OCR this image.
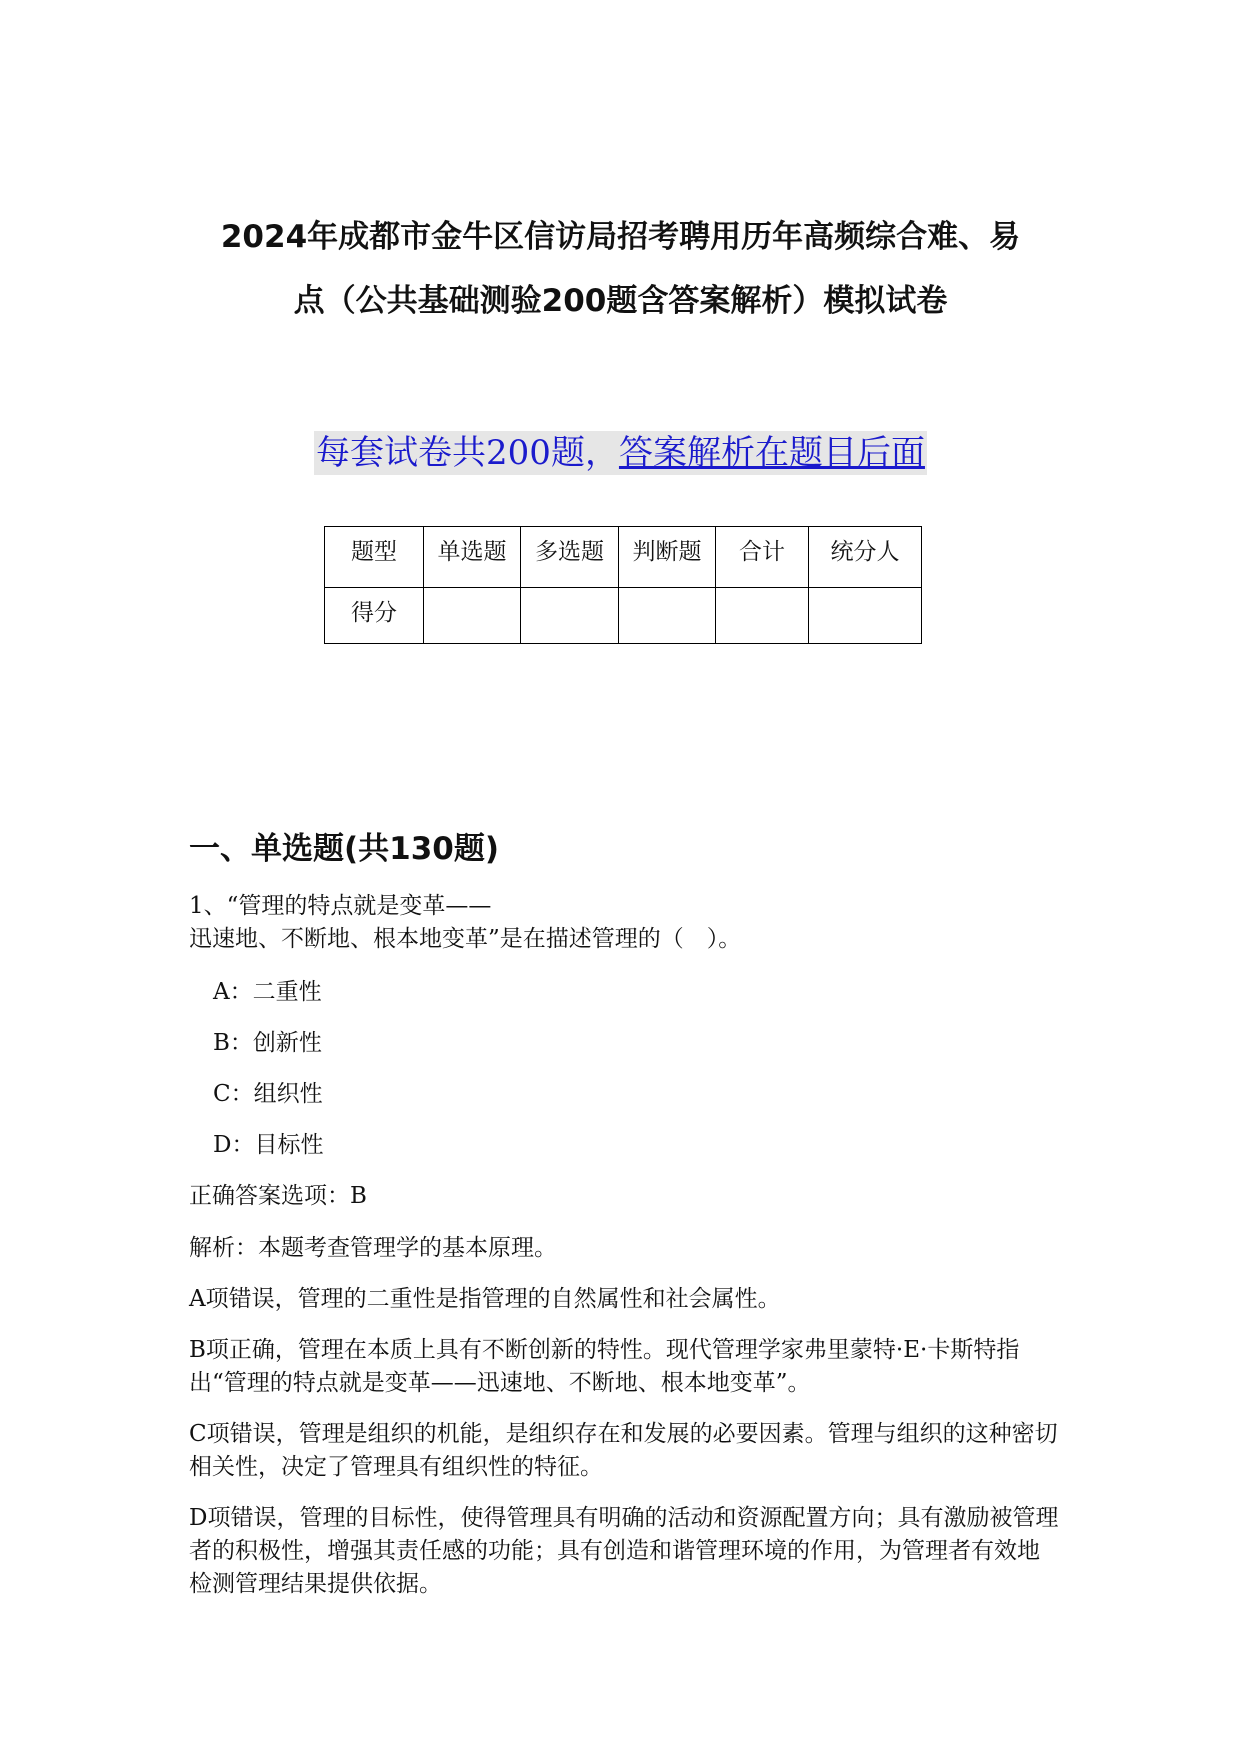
2024年成都市金牛区信访局招考聘用历年高频综合难、易
点（公共基础测验200题含答案解析）模拟试卷
每套试卷共200题，答案解析在题目后面
题型	单选题	多选题	判断题	合计	统分人
得分					
一、单选题(共130题)
1、“管理的特点就是变革——
迅速地、不断地、根本地变革”是在描述管理的（　）。
A：二重性
B：创新性
C：组织性
D：目标性
正确答案选项：B
解析：本题考查管理学的基本原理。
A项错误，管理的二重性是指管理的自然属性和社会属性。
B项正确，管理在本质上具有不断创新的特性。现代管理学家弗里蒙特·E·卡斯特指出“管理的特点就是变革——迅速地、不断地、根本地变革”。
C项错误，管理是组织的机能，是组织存在和发展的必要因素。管理与组织的这种密切相关性，决定了管理具有组织性的特征。
D项错误，管理的目标性，使得管理具有明确的活动和资源配置方向；具有激励被管理者的积极性，增强其责任感的功能；具有创造和谐管理环境的作用，为管理者有效地检测管理结果提供依据。
